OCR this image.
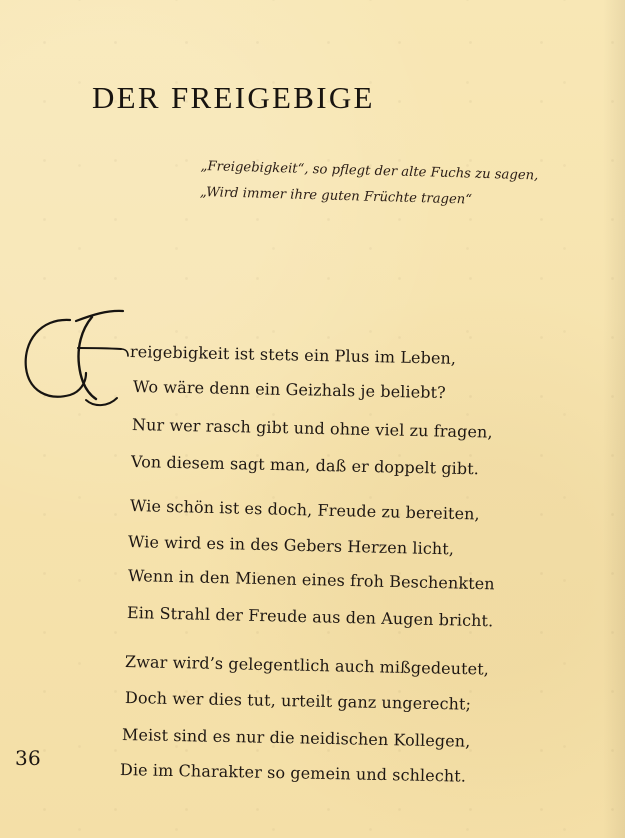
DER FREIGEBIGE
„Freigebigkeit“, so pflegt der alte Fuchs zu sagen,
„Wird immer ihre guten Früchte tragen“
reigebigkeit ist stets ein Plus im Leben,
Wo wäre denn ein Geizhals je beliebt?
Nur wer rasch gibt und ohne viel zu fragen,
Von diesem sagt man, daß er doppelt gibt.
Wie schön ist es doch, Freude zu bereiten,
Wie wird es in des Gebers Herzen licht,
Wenn in den Mienen eines froh Beschenkten
Ein Strahl der Freude aus den Augen bricht.
Zwar wird’s gelegentlich auch mißgedeutet,
Doch wer dies tut, urteilt ganz ungerecht;
Meist sind es nur die neidischen Kollegen,
Die im Charakter so gemein und schlecht.
36
